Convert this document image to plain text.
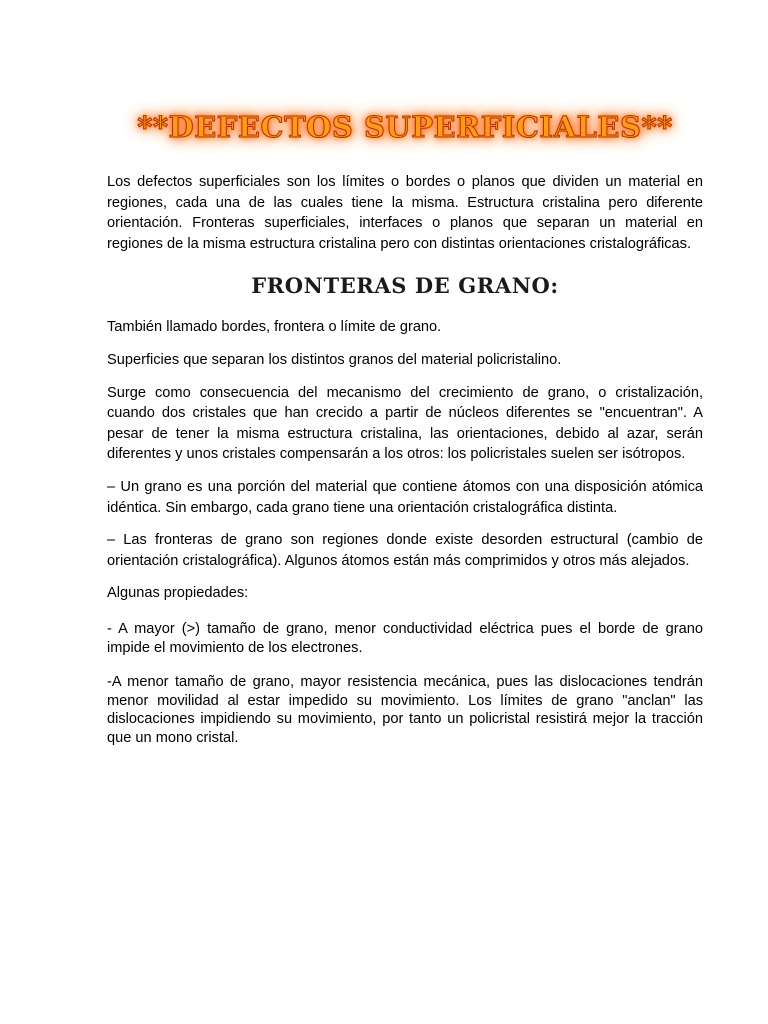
**DEFECTOS SUPERFICIALES**

Los defectos superficiales son los límites o bordes o planos que dividen un material en regiones, cada una de las cuales tiene la misma. Estructura cristalina pero diferente orientación. Fronteras superficiales, interfaces o planos que separan un material en regiones de la misma estructura cristalina pero con distintas orientaciones cristalográficas.

FRONTERAS DE GRANO:

También llamado bordes, frontera o límite de grano.

Superficies que separan los distintos granos del material policristalino.

Surge como consecuencia del mecanismo del crecimiento de grano, o cristalización, cuando dos cristales que han crecido a partir de núcleos diferentes se "encuentran". A pesar de tener la misma estructura cristalina, las orientaciones, debido al azar, serán diferentes y unos cristales compensarán a los otros: los policristales suelen ser isótropos.

– Un grano es una porción del material que contiene átomos con una disposición atómica idéntica. Sin embargo, cada grano tiene una orientación cristalográfica distinta.

– Las fronteras de grano son regiones donde existe desorden estructural (cambio de orientación cristalográfica). Algunos átomos están más comprimidos y otros más alejados.

Algunas propiedades:

- A mayor (>) tamaño de grano, menor conductividad eléctrica pues el borde de grano impide el movimiento de los electrones.

-A menor tamaño de grano, mayor resistencia mecánica, pues las dislocaciones tendrán menor movilidad al estar impedido su movimiento. Los límites de grano "anclan" las dislocaciones impidiendo su movimiento, por tanto un policristal resistirá mejor la tracción que un mono cristal.
